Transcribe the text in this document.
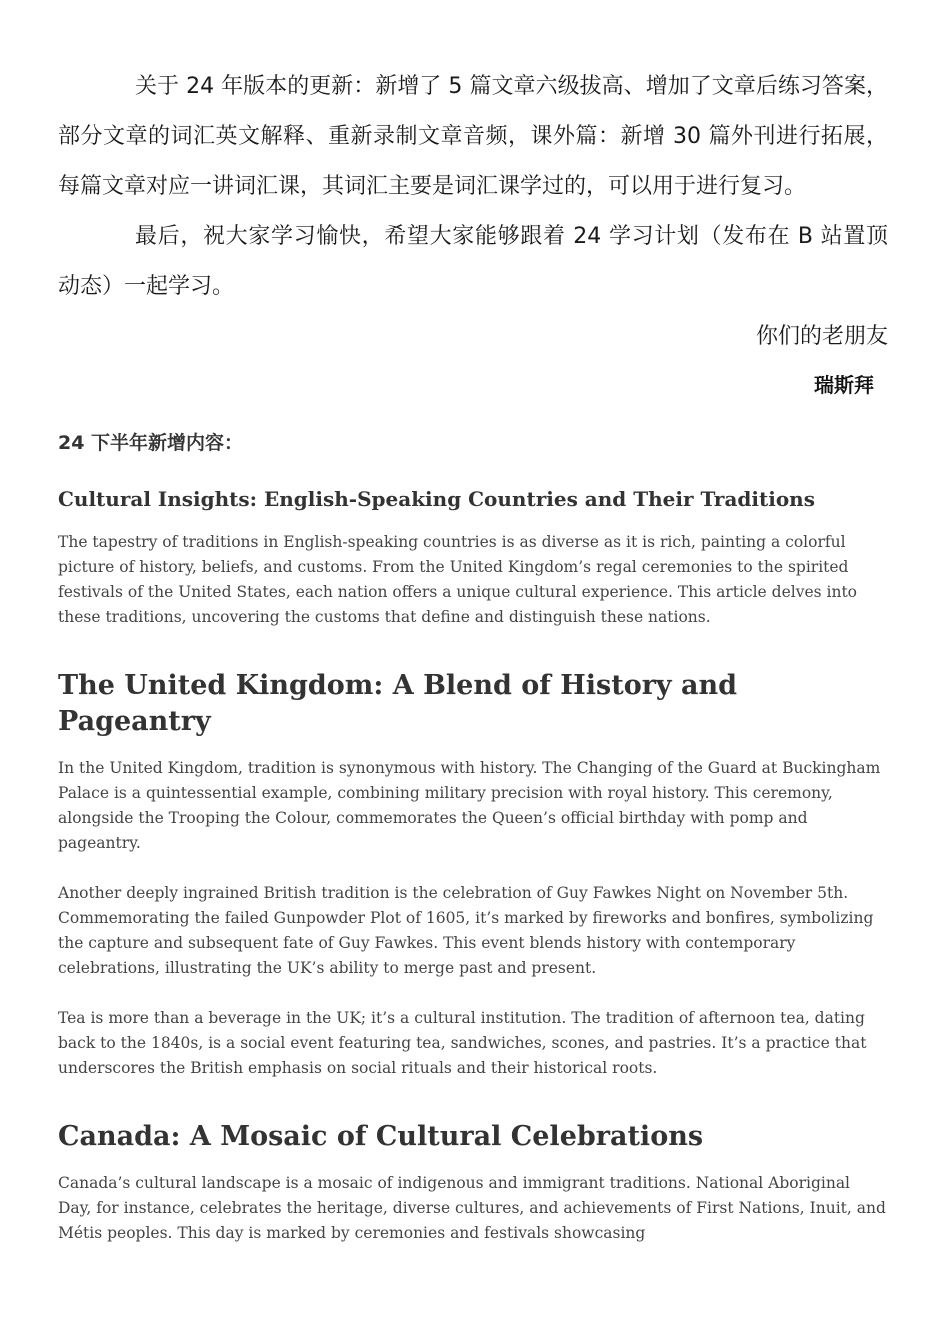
关于 24 年版本的更新：新增了 5 篇文章六级拔高、增加了文章后练习答案，部分文章的词汇英文解释、重新录制文章音频，课外篇：新增 30 篇外刊进行拓展，每篇文章对应一讲词汇课，其词汇主要是词汇课学过的，可以用于进行复习。

最后，祝大家学习愉快，希望大家能够跟着 24 学习计划（发布在 B 站置顶动态）一起学习。

你们的老朋友

瑞斯拜

24 下半年新增内容：

Cultural Insights: English-Speaking Countries and Their Traditions

The tapestry of traditions in English-speaking countries is as diverse as it is rich, painting a colorful picture of history, beliefs, and customs. From the United Kingdom’s regal ceremonies to the spirited festivals of the United States, each nation offers a unique cultural experience. This article delves into these traditions, uncovering the customs that define and distinguish these nations.

The United Kingdom: A Blend of History and Pageantry

In the United Kingdom, tradition is synonymous with history. The Changing of the Guard at Buckingham Palace is a quintessential example, combining military precision with royal history. This ceremony, alongside the Trooping the Colour, commemorates the Queen’s official birthday with pomp and pageantry.

Another deeply ingrained British tradition is the celebration of Guy Fawkes Night on November 5th. Commemorating the failed Gunpowder Plot of 1605, it’s marked by fireworks and bonfires, symbolizing the capture and subsequent fate of Guy Fawkes. This event blends history with contemporary celebrations, illustrating the UK’s ability to merge past and present.

Tea is more than a beverage in the UK; it’s a cultural institution. The tradition of afternoon tea, dating back to the 1840s, is a social event featuring tea, sandwiches, scones, and pastries. It’s a practice that underscores the British emphasis on social rituals and their historical roots.

Canada: A Mosaic of Cultural Celebrations

Canada’s cultural landscape is a mosaic of indigenous and immigrant traditions. National Aboriginal Day, for instance, celebrates the heritage, diverse cultures, and achievements of First Nations, Inuit, and Métis peoples. This day is marked by ceremonies and festivals showcasing
